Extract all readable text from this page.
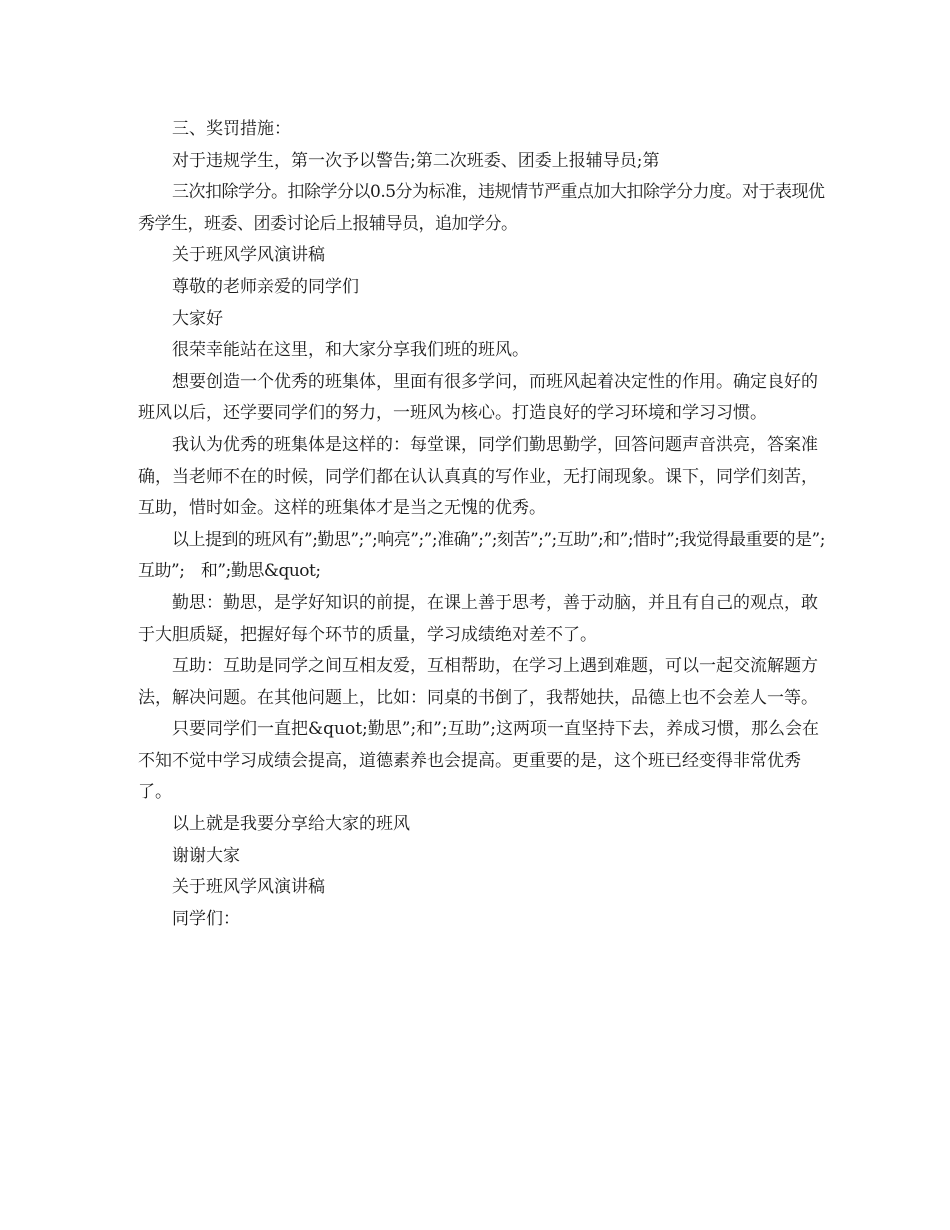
三、奖罚措施：

对于违规学生，第一次予以警告;第二次班委、团委上报辅导员;第

三次扣除学分。扣除学分以0.5分为标准，违规情节严重点加大扣除学分力度。对于表现优秀学生，班委、团委讨论后上报辅导员，追加学分。

关于班风学风演讲稿

尊敬的老师亲爱的同学们

大家好

很荣幸能站在这里，和大家分享我们班的班风。

想要创造一个优秀的班集体，里面有很多学问，而班风起着决定性的作用。确定良好的班风以后，还学要同学们的努力，一班风为核心。打造良好的学习环境和学习习惯。

我认为优秀的班集体是这样的：每堂课，同学们勤思勤学，回答问题声音洪亮，答案准确，当老师不在的时候，同学们都在认认真真的写作业，无打闹现象。课下，同学们刻苦，互助，惜时如金。这样的班集体才是当之无愧的优秀。

以上提到的班风有”;勤思”;”;响亮”;”;准确”;”;刻苦”;”;互助”;和”;惜时”;我觉得最重要的是”;互助”;　和”;勤思&quot;

勤思：勤思，是学好知识的前提，在课上善于思考，善于动脑，并且有自己的观点，敢于大胆质疑，把握好每个环节的质量，学习成绩绝对差不了。

互助：互助是同学之间互相友爱，互相帮助，在学习上遇到难题，可以一起交流解题方法，解决问题。在其他问题上，比如：同桌的书倒了，我帮她扶，品德上也不会差人一等。

只要同学们一直把&quot;勤思”;和”;互助”;这两项一直坚持下去，养成习惯，那么会在不知不觉中学习成绩会提高，道德素养也会提高。更重要的是，这个班已经变得非常优秀了。

以上就是我要分享给大家的班风

谢谢大家

关于班风学风演讲稿

同学们：
